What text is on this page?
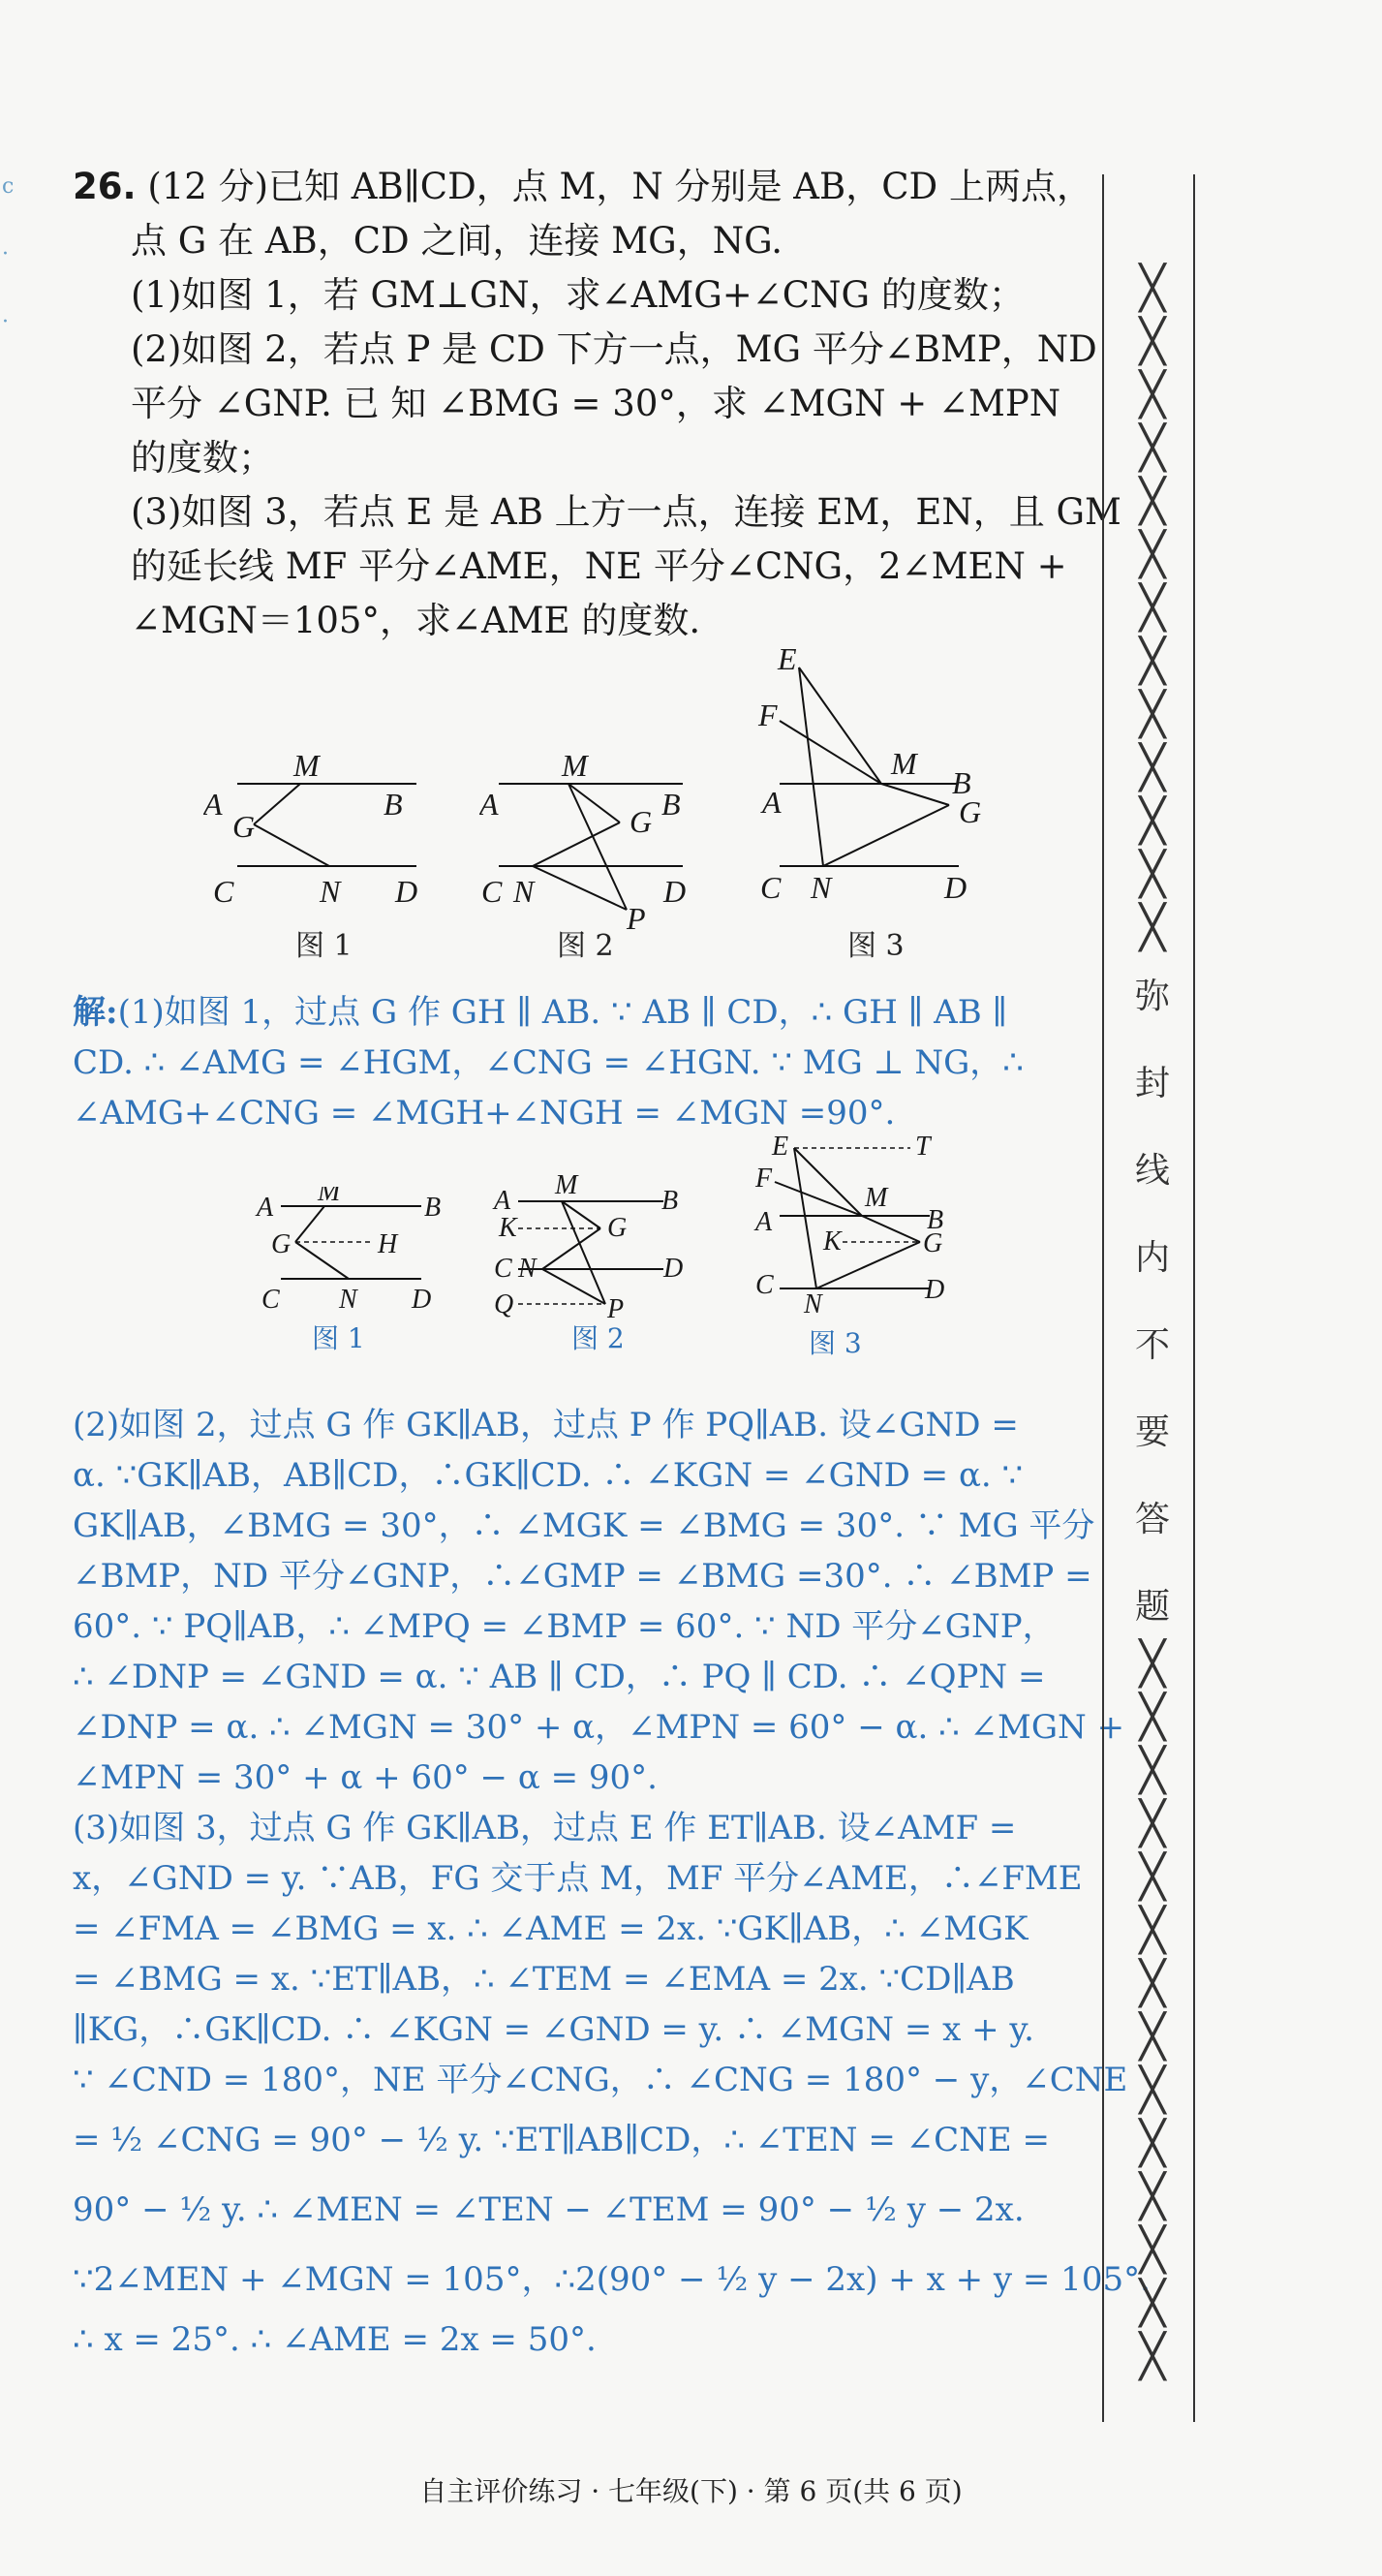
c
·
·
26. (12 分)已知 AB∥CD，点 M，N 分别是 AB，CD 上两点，
点 G 在 AB，CD 之间，连接 MG，NG.
(1)如图 1，若 GM⊥GN，求∠AMG+∠CNG 的度数；
(2)如图 2，若点 P 是 CD 下方一点，MG 平分∠BMP，ND
平分 ∠GNP. 已 知 ∠BMG = 30°，求 ∠MGN + ∠MPN
的度数；
(3)如图 3，若点 E 是 AB 上方一点，连接 EM，EN，且 GM
的延长线 MF 平分∠AME，NE 平分∠CNG，2∠MEN +
∠MGN＝105°，求∠AME 的度数.
M
A
G
B
C	N D
图 1
M
A	G B
C N	D
P
图 2
E
F
M
A
B
G
C N	D
图 3
解:(1)如图 1，过点 G 作 GH ∥ AB. ∵ AB ∥ CD，∴ GH ∥ AB ∥
CD. ∴ ∠AMG = ∠HGM，∠CNG = ∠HGN. ∵ MG ⊥ NG，∴
∠AMG+∠CNG = ∠MGH+∠NGH = ∠MGN =90°.
M
A	B
G	H
C N D
图 1
M
A
K	G
B
C N	D
Q	P
图 2
E	T
F
M
A	B
K	G
C
N	D
图 3
(2)如图 2，过点 G 作 GK∥AB，过点 P 作 PQ∥AB. 设∠GND =
α. ∵GK∥AB，AB∥CD，∴GK∥CD. ∴ ∠KGN = ∠GND = α. ∵
GK∥AB，∠BMG = 30°，∴ ∠MGK = ∠BMG = 30°. ∵ MG 平分
∠BMP，ND 平分∠GNP，∴∠GMP = ∠BMG =30°. ∴ ∠BMP =
60°. ∵ PQ∥AB，∴ ∠MPQ = ∠BMP = 60°. ∵ ND 平分∠GNP，
∴ ∠DNP = ∠GND = α. ∵ AB ∥ CD，∴ PQ ∥ CD. ∴ ∠QPN =
∠DNP = α. ∴ ∠MGN = 30° + α，∠MPN = 60° − α. ∴ ∠MGN +
∠MPN = 30° + α + 60° − α = 90°.
(3)如图 3，过点 G 作 GK∥AB，过点 E 作 ET∥AB. 设∠AMF =
x，∠GND = y. ∵AB，FG 交于点 M，MF 平分∠AME，∴∠FME
= ∠FMA = ∠BMG = x. ∴ ∠AME = 2x. ∵GK∥AB，∴ ∠MGK
= ∠BMG = x. ∵ET∥AB，∴ ∠TEM = ∠EMA = 2x. ∵CD∥AB
∥KG，∴GK∥CD. ∴ ∠KGN = ∠GND = y. ∴ ∠MGN = x + y.
∵ ∠CND = 180°，NE 平分∠CNG，∴ ∠CNG = 180° − y，∠CNE
= ½ ∠CNG = 90° − ½ y. ∵ET∥AB∥CD，∴ ∠TEN = ∠CNE =
90° − ½ y. ∴ ∠MEN = ∠TEN − ∠TEM = 90° − ½ y − 2x.
∵2∠MEN + ∠MGN = 105°，∴2(90° − ½ y − 2x) + x + y = 105°.
∴ x = 25°. ∴ ∠AME = 2x = 50°.
╳
╳
╳
╳
╳
╳
╳
╳
╳
╳
╳
╳
╳
弥
封
线
内
不
要
答
题
╳
╳
╳
╳
╳
╳
╳
╳
╳
╳
╳
╳
╳
╳
自主评价练习 · 七年级(下) · 第 6 页(共 6 页)
